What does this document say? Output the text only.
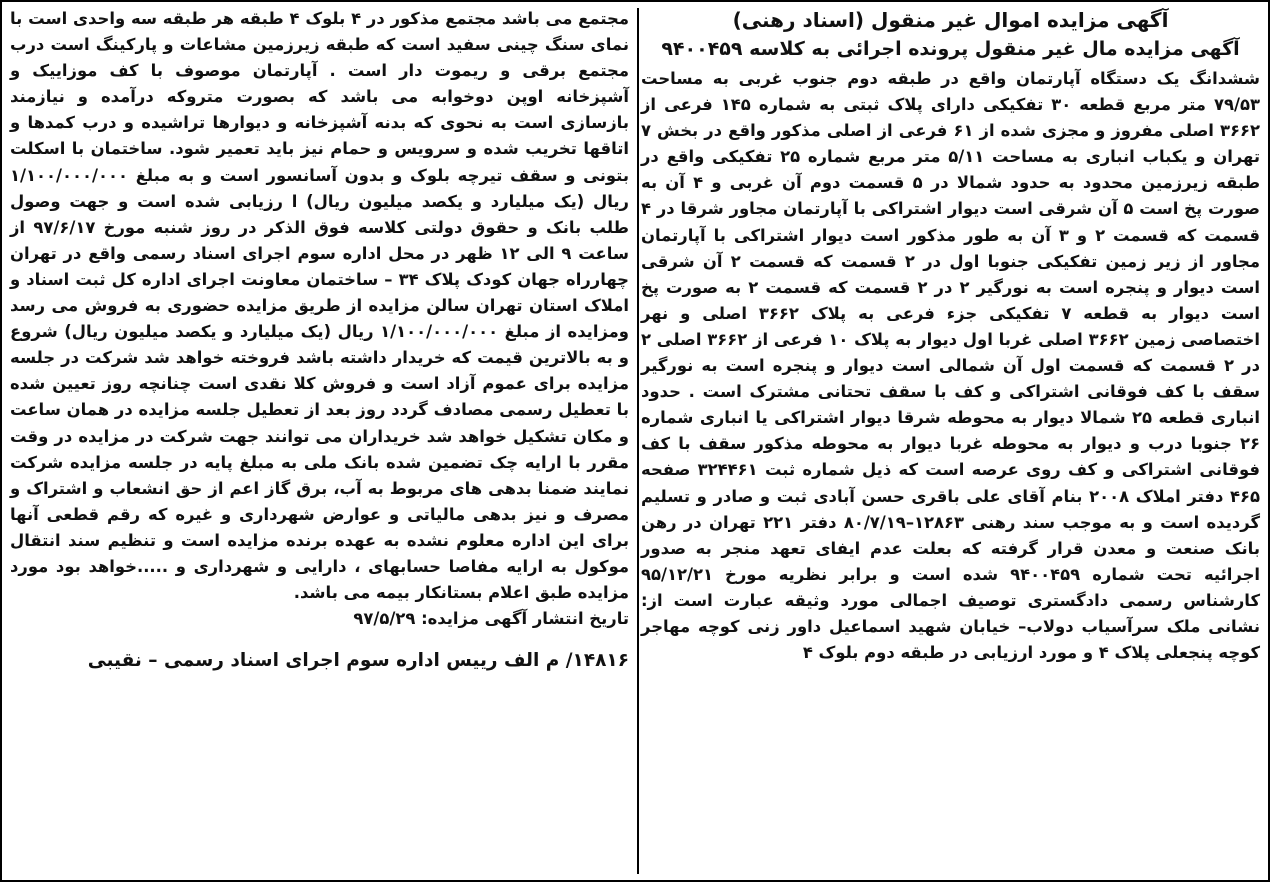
آگهی مزایده اموال غیر منقول (اسناد رهنی)

آگهی مزایده مال غیر منقول پرونده اجرائی به کلاسه ۹۴۰۰۴۵۹

ششدانگ یک دستگاه آپارتمان واقع در طبقه دوم جنوب غربی به مساحت ۷۹/۵۳ متر مربع قطعه ۳۰ تفکیکی دارای پلاک ثبتی به شماره ۱۴۵ فرعی از ۳۶۶۲ اصلی مفروز و مجزی شده از ۶۱ فرعی از اصلی مذکور واقع در بخش ۷ تهران و یکباب انباری به مساحت ۵/۱۱ متر مربع شماره ۲۵ تفکیکی واقع در طبقه زیرزمین محدود به حدود شمالا در ۵ قسمت دوم آن غربی و ۴ آن به صورت پخ است ۵ آن شرقی است دیوار اشتراکی با آپارتمان مجاور شرقا در ۴ قسمت که قسمت ۲ و ۳ آن به طور مذکور است دیوار اشتراکی با آپارتمان مجاور از زیر زمین تفکیکی جنوبا اول در ۲ قسمت که قسمت ۲ آن شرقی است دیوار و پنجره است به نورگیر ۲ در ۲ قسمت که قسمت ۲ به صورت پخ است دیوار به قطعه ۷ تفکیکی جزء فرعی به پلاک ۳۶۶۲ اصلی و نهر اختصاصی زمین ۳۶۶۲ اصلی غربا اول دیوار به پلاک ۱۰ فرعی از ۳۶۶۲ اصلی ۲ در ۲ قسمت که قسمت اول آن شمالی است دیوار و پنجره است به نورگیر سقف با کف فوقانی اشتراکی و کف با سقف تحتانی مشترک است . حدود انباری قطعه ۲۵ شمالا دیوار به محوطه شرقا دیوار اشتراکی یا انباری شماره ۲۶ جنوبا درب و دیوار به محوطه غربا دیوار به محوطه مذکور سقف با کف فوقانی اشتراکی و کف روی عرصه است که ذیل شماره ثبت ۳۲۴۴۶۱ صفحه ۴۶۵ دفتر املاک ۲۰۰۸ بنام آقای علی باقری حسن آبادی ثبت و صادر و تسلیم گردیده است و به موجب سند رهنی ۱۲۸۶۳–۸۰/۷/۱۹ دفتر ۲۲۱ تهران در رهن بانک صنعت و معدن قرار گرفته که بعلت عدم ایفای تعهد منجر به صدور اجرائیه تحت شماره ۹۴۰۰۴۵۹ شده است و برابر نظریه مورخ ۹۵/۱۲/۲۱ کارشناس رسمی دادگستری توصیف اجمالی مورد وثیقه عبارت است از: نشانی ملک سرآسیاب دولاب– خیابان شهید اسماعیل داور زنی کوچه مهاجر کوچه پنجعلی پلاک ۴ و مورد ارزیابی در طبقه دوم بلوک ۴

مجتمع می باشد مجتمع مذکور در ۴ بلوک ۴ طبقه هر طبقه سه واحدی است با نمای سنگ چینی سفید است که طبقه زیرزمین مشاعات و پارکینگ است درب مجتمع برقی و ریموت دار است . آپارتمان موصوف با کف موزاییک و آشپزخانه اوپن دوخوابه می باشد که بصورت متروکه درآمده و نیازمند بازسازی است به نحوی که بدنه آشپزخانه و دیوارها تراشیده و درب کمدها و اتاقها تخریب شده و سرویس و حمام نیز باید تعمیر شود. ساختمان با اسکلت بتونی و سقف تیرچه بلوک و بدون آسانسور است و به مبلغ ۱/۱۰۰/۰۰۰/۰۰۰ ریال (یک میلیارد و یکصد میلیون ریال) ا رزیابی شده است و جهت وصول طلب بانک و حقوق دولتی کلاسه فوق الذکر در روز شنبه مورخ ۹۷/۶/۱۷ از ساعت ۹ الی ۱۲ ظهر در محل اداره سوم اجرای اسناد رسمی واقع در تهران چهارراه جهان کودک پلاک ۳۴ – ساختمان معاونت اجرای اداره کل ثبت اسناد و املاک استان تهران سالن مزایده از طریق مزایده حضوری به فروش می رسد ومزایده از مبلغ ۱/۱۰۰/۰۰۰/۰۰۰ ریال (یک میلیارد و یکصد میلیون ریال) شروع و به بالاترین قیمت که خریدار داشته باشد فروخته خواهد شد شرکت در جلسه مزایده برای عموم آزاد است و فروش کلا نقدی است چنانچه روز تعیین شده با تعطیل رسمی مصادف گردد روز بعد از تعطیل جلسه مزایده در همان ساعت و مکان تشکیل خواهد شد خریداران می توانند جهت شرکت در مزایده در وقت مقرر با ارایه چک تضمین شده بانک ملی به مبلغ پایه در جلسه مزایده شرکت نمایند ضمنا بدهی های مربوط به آب، برق گاز اعم از حق انشعاب و اشتراک و مصرف و نیز بدهی مالیاتی و عوارض شهرداری و غیره که رقم قطعی آنها برای این اداره معلوم نشده به عهده برنده مزایده است و تنظیم سند انتقال موکول به ارایه مفاصا حسابهای ، دارایی و شهرداری و .....خواهد بود مورد مزایده طبق اعلام بستانکار بیمه می باشد.

تاریخ انتشار آگهی مزایده: ۹۷/۵/۲۹

۱۴۸۱۶/ م الف رییس اداره سوم اجرای اسناد رسمی – نقیبی
